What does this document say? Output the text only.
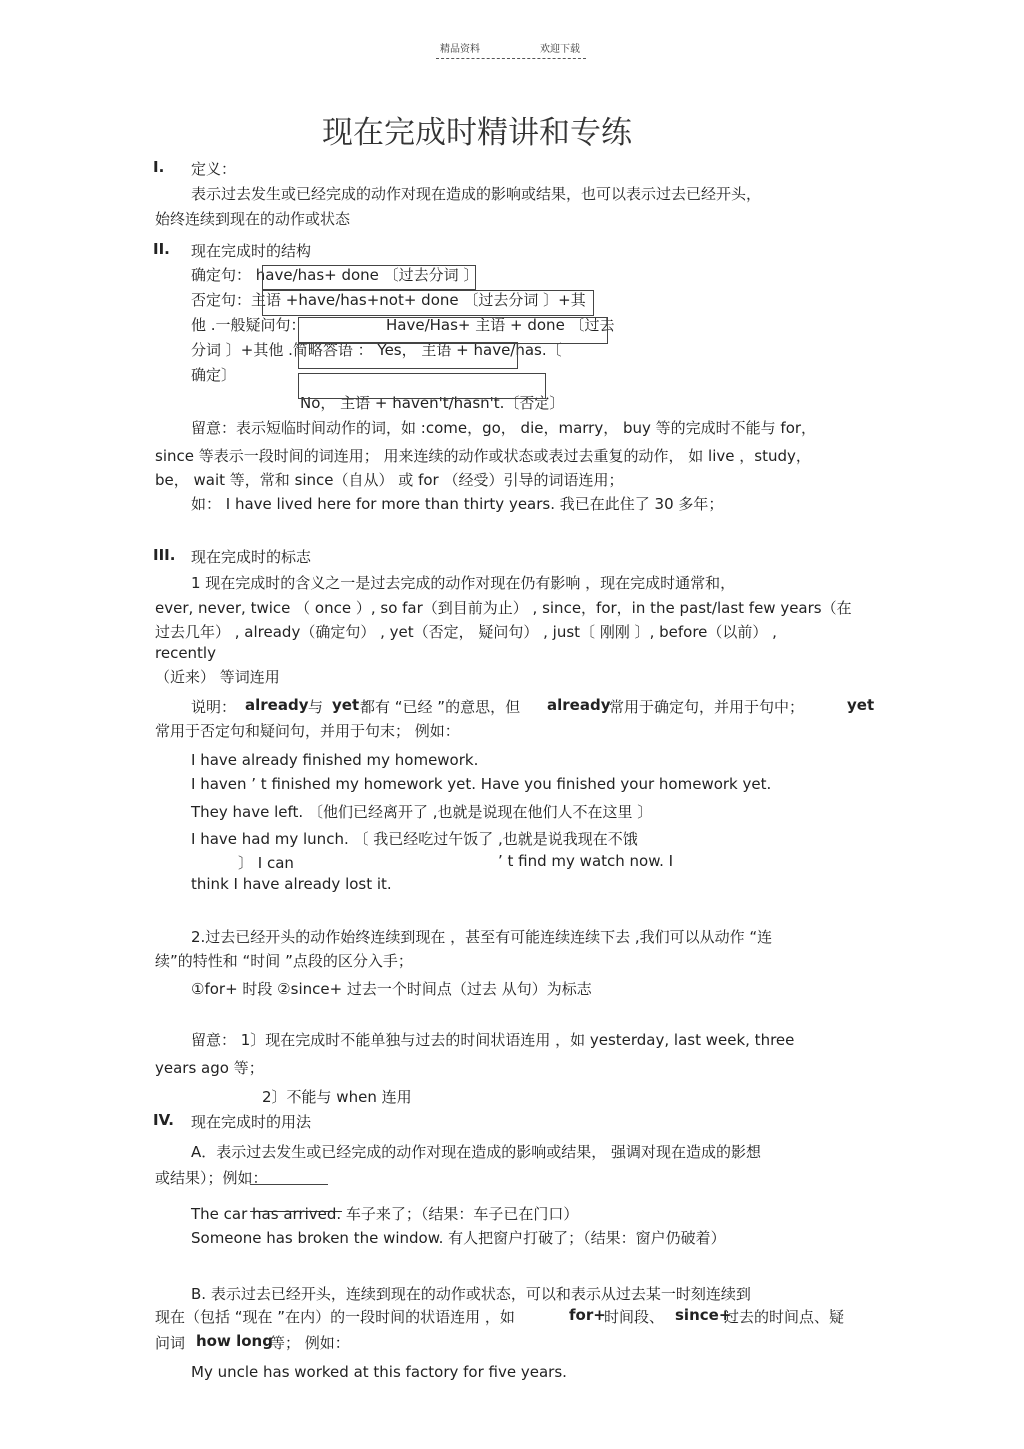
精品资料	欢迎下载
现在完成时精讲和专练
I. 定义：
表示过去发生或已经完成的动作对现在造成的影响或结果，也可以表示过去已经开头，
始终连续到现在的动作或状态
II. 现在完成时的结构
确定句： have/has+ done 〔过去分词 〕
否定句：主语 +have/has+not+ done 〔过去分词 〕+其
他 .一般疑问句：	Have/Has+ 主语 + done 〔过去
分词 〕+其他 .简略答语 ： Yes， 主语 + have/has.〔
确定〕
No， 主语 + haven't/hasn't.〔否定〕
留意：表示短临时间动作的词，如 :come，go， die，marry， buy 等的完成时不能与 for，
since 等表示一段时间的词连用； 用来连续的动作或状态或表过去重复的动作， 如 live ，study，
be， wait 等，常和 since（自从） 或 for （经受）引导的词语连用；
如： I have lived here for more than thirty years. 我已在此住了 30 多年；
III. 现在完成时的标志
1 现在完成时的含义之一是过去完成的动作对现在仍有影响 ，现在完成时通常和，
ever, never, twice （ once ）, so far（到目前为止） , since，for，in the past/last few years（在
过去几年） , already（确定句） , yet（否定， 疑问句） , just〔 刚刚 〕, before（以前） ,
recently
（近来） 等词连用
说明： already 与 yet 都有 “已经 ”的意思，但 already
常用于确定句，并用于句中；	yet
常用于否定句和疑问句，并用于句末； 例如：
I have already finished my homework.
I haven ’ t finished my homework yet. Have you finished your homework yet.
They have left. 〔他们已经离开了 ,也就是说现在他们人不在这里 〕
I have had my lunch. 〔 我已经吃过午饭了 ,也就是说我现在不饿
〕 I can	’ t find my watch now. I
think I have already lost it.
2.过去已经开头的动作始终连续到现在 ，甚至有可能连续连续下去 ,我们可以从动作 “连
续”的特性和 “时间 ”点段的区分入手；
①for+ 时段 ②since+ 过去一个时间点（过去 从句）为标志
留意： 1〕现在完成时不能单独与过去的时间状语连用 ，如 yesterday, last week, three
years ago 等；
2〕不能与 when 连用
IV. 现在完成时的用法
A．表示过去发生或已经完成的动作对现在造成的影响或结果， 强调对现在造成的影想
或结果）；例如：
The car has arrived. 车子来了；（结果：车子已在门口）
Someone has broken the window. 有人把窗户打破了；（结果：窗户仍破着）
B. 表示过去已经开头，连续到现在的动作或状态，可以和表示从过去某一时刻连续到
现在（包括 “现在 ”在内）的一段时间的状语连用 ，如	for+
时间段、 since+
过去的时间点、疑
问词 how long
等； 例如：
My uncle has worked at this factory for five years.
